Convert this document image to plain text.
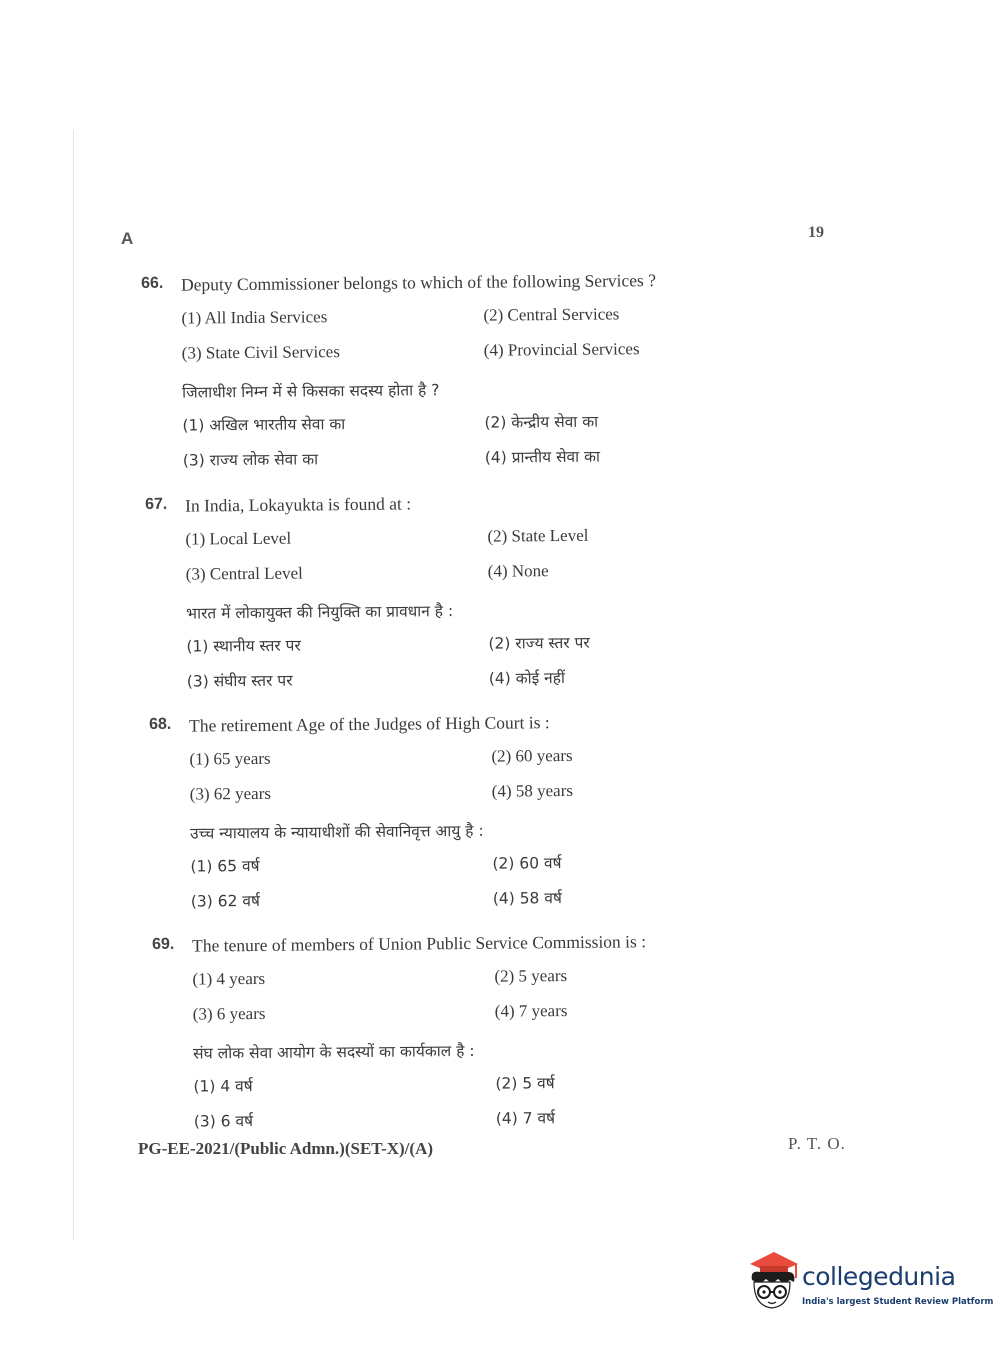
A	19
66. Deputy Commissioner belongs to which of the following Services ?
(1) All India Services	(2) Central Services
(3) State Civil Services	(4) Provincial Services
जिलाधीश निम्न में से किसका सदस्य होता है ?
(1) अखिल भारतीय सेवा का	(2) केन्द्रीय सेवा का
(3) राज्य लोक सेवा का	(4) प्रान्तीय सेवा का
67. In India, Lokayukta is found at :
(1) Local Level	(2) State Level
(3) Central Level	(4) None
भारत में लोकायुक्त की नियुक्ति का प्रावधान है :
(1) स्थानीय स्तर पर	(2) राज्य स्तर पर
(3) संघीय स्तर पर	(4) कोई नहीं
68. The retirement Age of the Judges of High Court is :
(1) 65 years	(2) 60 years
(3) 62 years	(4) 58 years
उच्च न्यायालय के न्यायाधीशों की सेवानिवृत्त आयु है :
(1) 65 वर्ष	(2) 60 वर्ष
(3) 62 वर्ष	(4) 58 वर्ष
69. The tenure of members of Union Public Service Commission is :
(1) 4 years	(2) 5 years
(3) 6 years	(4) 7 years
संघ लोक सेवा आयोग के सदस्यों का कार्यकाल है :
(1) 4 वर्ष	(2) 5 वर्ष
(3) 6 वर्ष	(4) 7 वर्ष
PG-EE-2021/(Public Admn.)(SET-X)/(A)	P. T. O.
collegedunia
India's largest Student Review Platform
